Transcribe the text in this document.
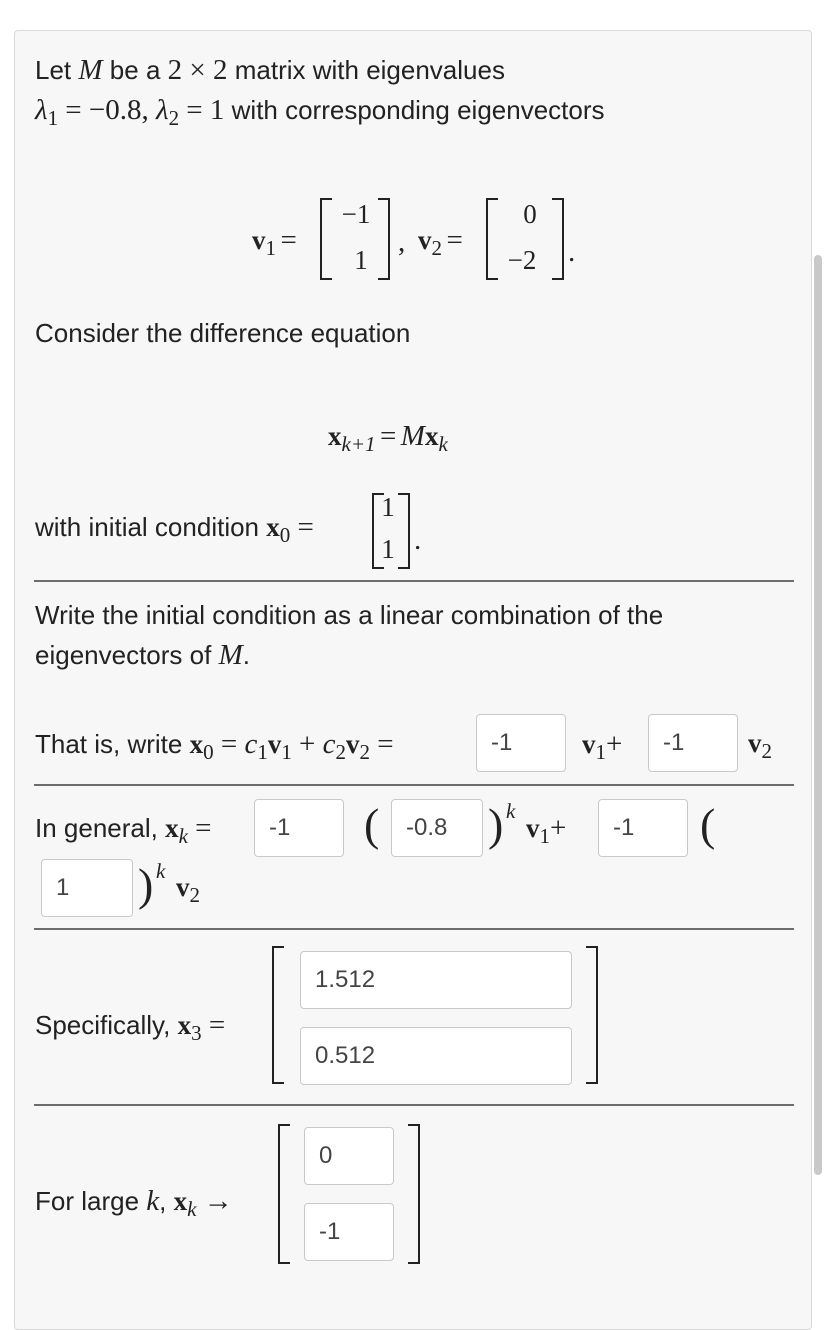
Let M be a 2 × 2 matrix with eigenvalues
$\lambda_1 = -0.8$, $\lambda_2 = 1$ with corresponding eigenvectors
v1 =
−1
1
, v2 =
0
−2 .
Consider the difference equation
xk+1 = Mxk
with initial condition $x_0$ =
1
1 .
Write the initial condition as a linear combination of the
eigenvectors of M.
That is, write $x_0 = c_1v_1 + c_2v_2$ =	-1	v1+	-1	v2
In general, $x_k$ =	-1	(	-0.8 ) k
v1+	-1	(
1	) k
v2
Specifically, $x_3$ =
1.512
0.512
For large k, $x_k$ →
0
-1
